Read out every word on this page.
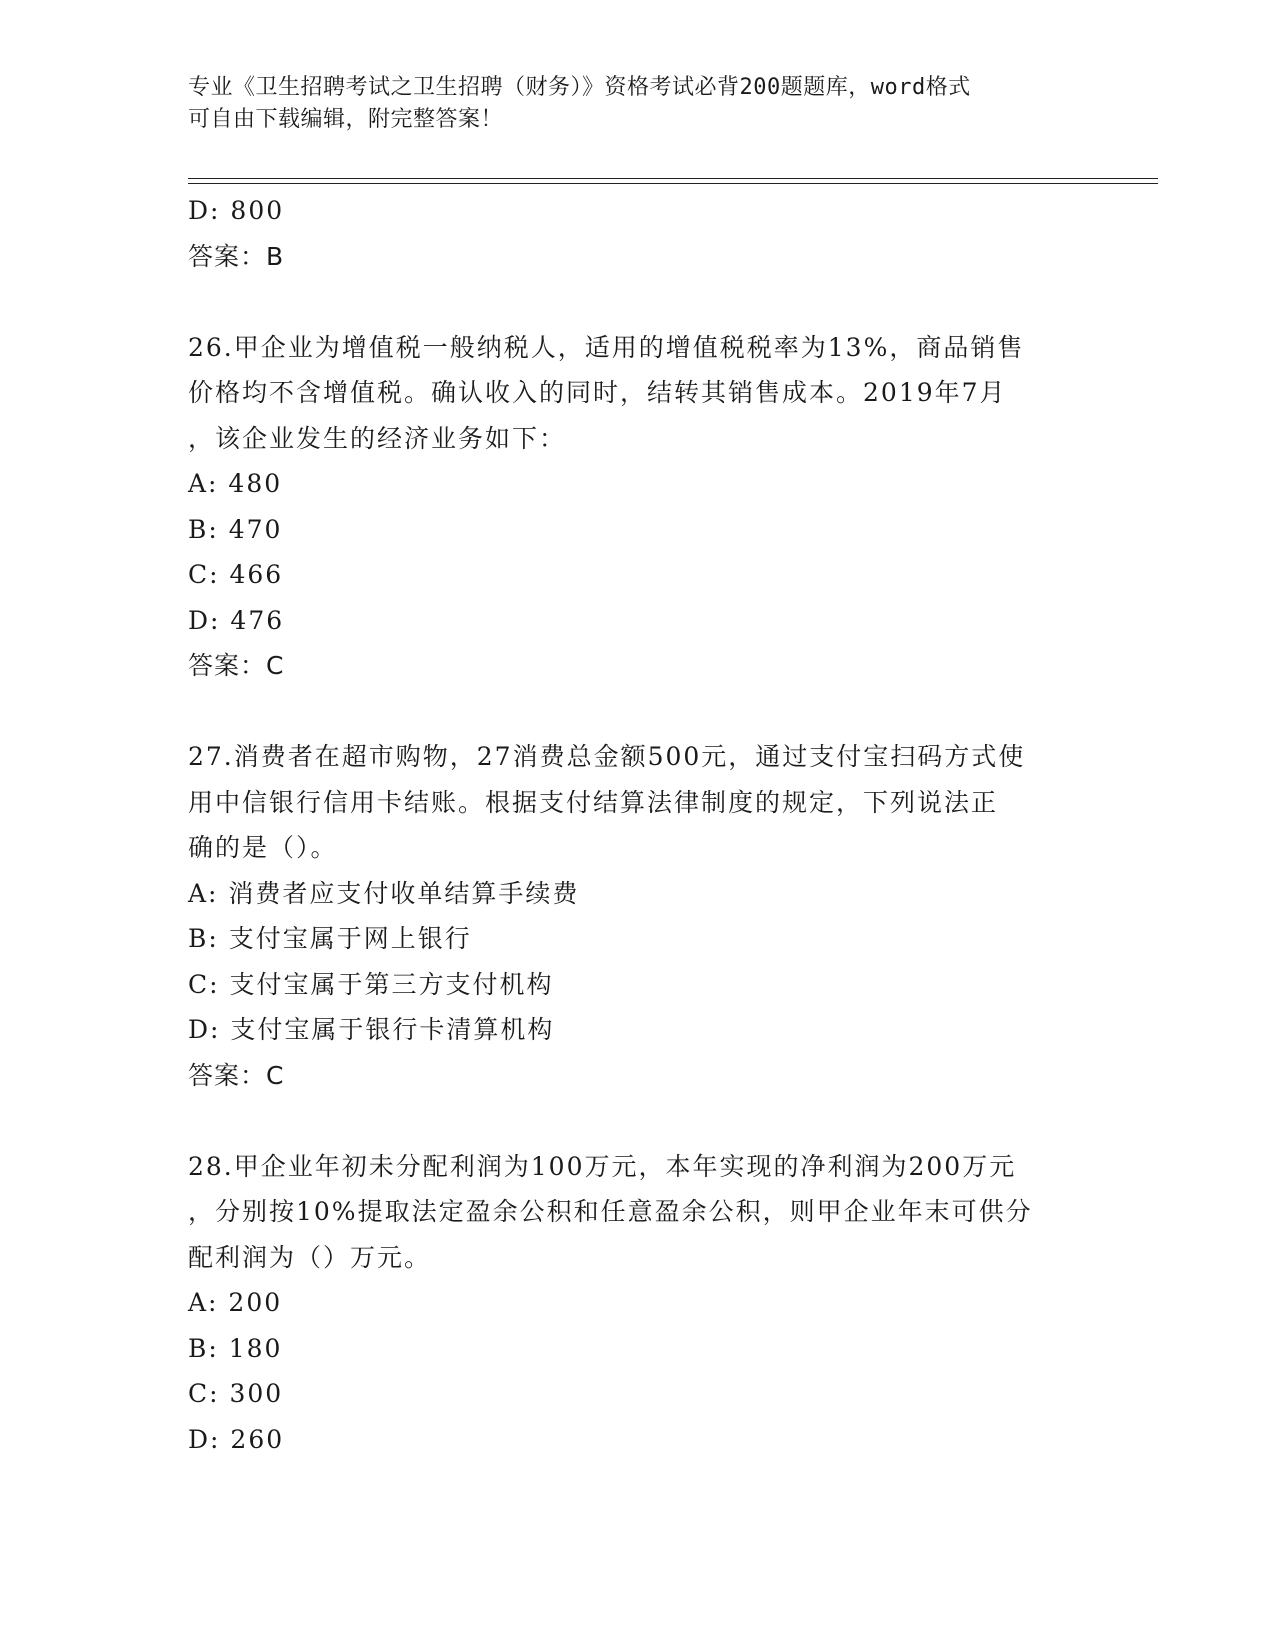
专业《卫生招聘考试之卫生招聘（财务）》资格考试必背200题题库，word格式
可自由下载编辑，附完整答案！
D: 800
答案：B
26.甲企业为增值税一般纳税人，适用的增值税税率为13%，商品销售
价格均不含增值税。确认收入的同时，结转其销售成本。2019年7月
，该企业发生的经济业务如下：
A: 480
B: 470
C: 466
D: 476
答案：C
27.消费者在超市购物，27消费总金额500元，通过支付宝扫码方式使
用中信银行信用卡结账。根据支付结算法律制度的规定，下列说法正
确的是（）。
A: 消费者应支付收单结算手续费
B: 支付宝属于网上银行
C: 支付宝属于第三方支付机构
D: 支付宝属于银行卡清算机构
答案：C
28.甲企业年初未分配利润为100万元，本年实现的净利润为200万元
，分别按10%提取法定盈余公积和任意盈余公积，则甲企业年末可供分
配利润为（）万元。
A: 200
B: 180
C: 300
D: 260
